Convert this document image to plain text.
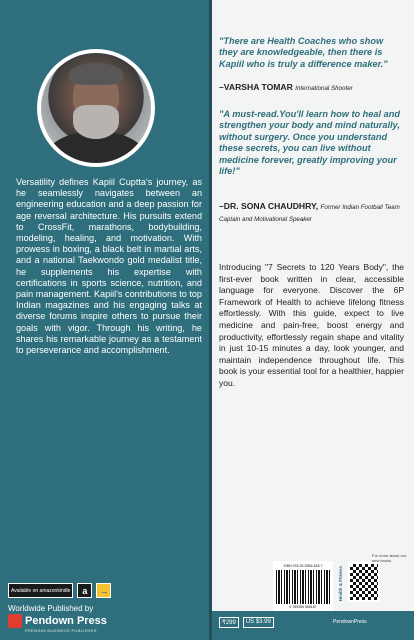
Versatility defines Kapiil Cuptta's journey, as he seamlessly navigates between an engineering education and a deep passion for age reversal architecture. His pursuits extend to CrossFit, marathons, bodybuilding, modeling, healing, and motivation. With prowess in boxing, a black belt in martial arts, and a national Taekwondo gold medalist title, he supplements his expertise with certifications in sports science, nutrition, and pain management. Kapiil's contributions to top Indian magazines and his engaging talks at diverse forums inspire others to pursue their goals with vigor. Through his writing, he shares his remarkable journey as a testament to perseverance and accomplishment.
Available on amazonkindle	a	→
Worldwide Published by
Pendown Press
PREMIUM BUSINESS PUBLISHER
"There are Health Coaches who show they are knowledgeable, then there is Kapiil who is truly a difference maker."
–VARSHA TOMAR International Shooter
"A must-read.You'll learn how to heal and strengthen your body and mind naturally, without surgery. Once you understand these secrets, you can live without medicine forever, greatly improving your life!"
–DR. SONA CHAUDHRY, Former Indian Football Team Captain and Motivational Speaker
Introducing "7 Secrets to 120 Years Body", the first-ever book written in clear, accessible language for everyone. Discover the 6P Framework of Health to achieve lifelong fitness effortlessly. With this guide, expect to live medicine and pain-free, boost energy and productivity, effortlessly regain shape and vitality in just 10-15 minutes a day, look younger, and maintain independence throughout life. This book is your essential tool for a healthier, happier you.
ISBN 978-93-5556-818-7
9 789355 568187
Health & Fitness
For more about our new books
₹299	US $3.99	PendownPress
